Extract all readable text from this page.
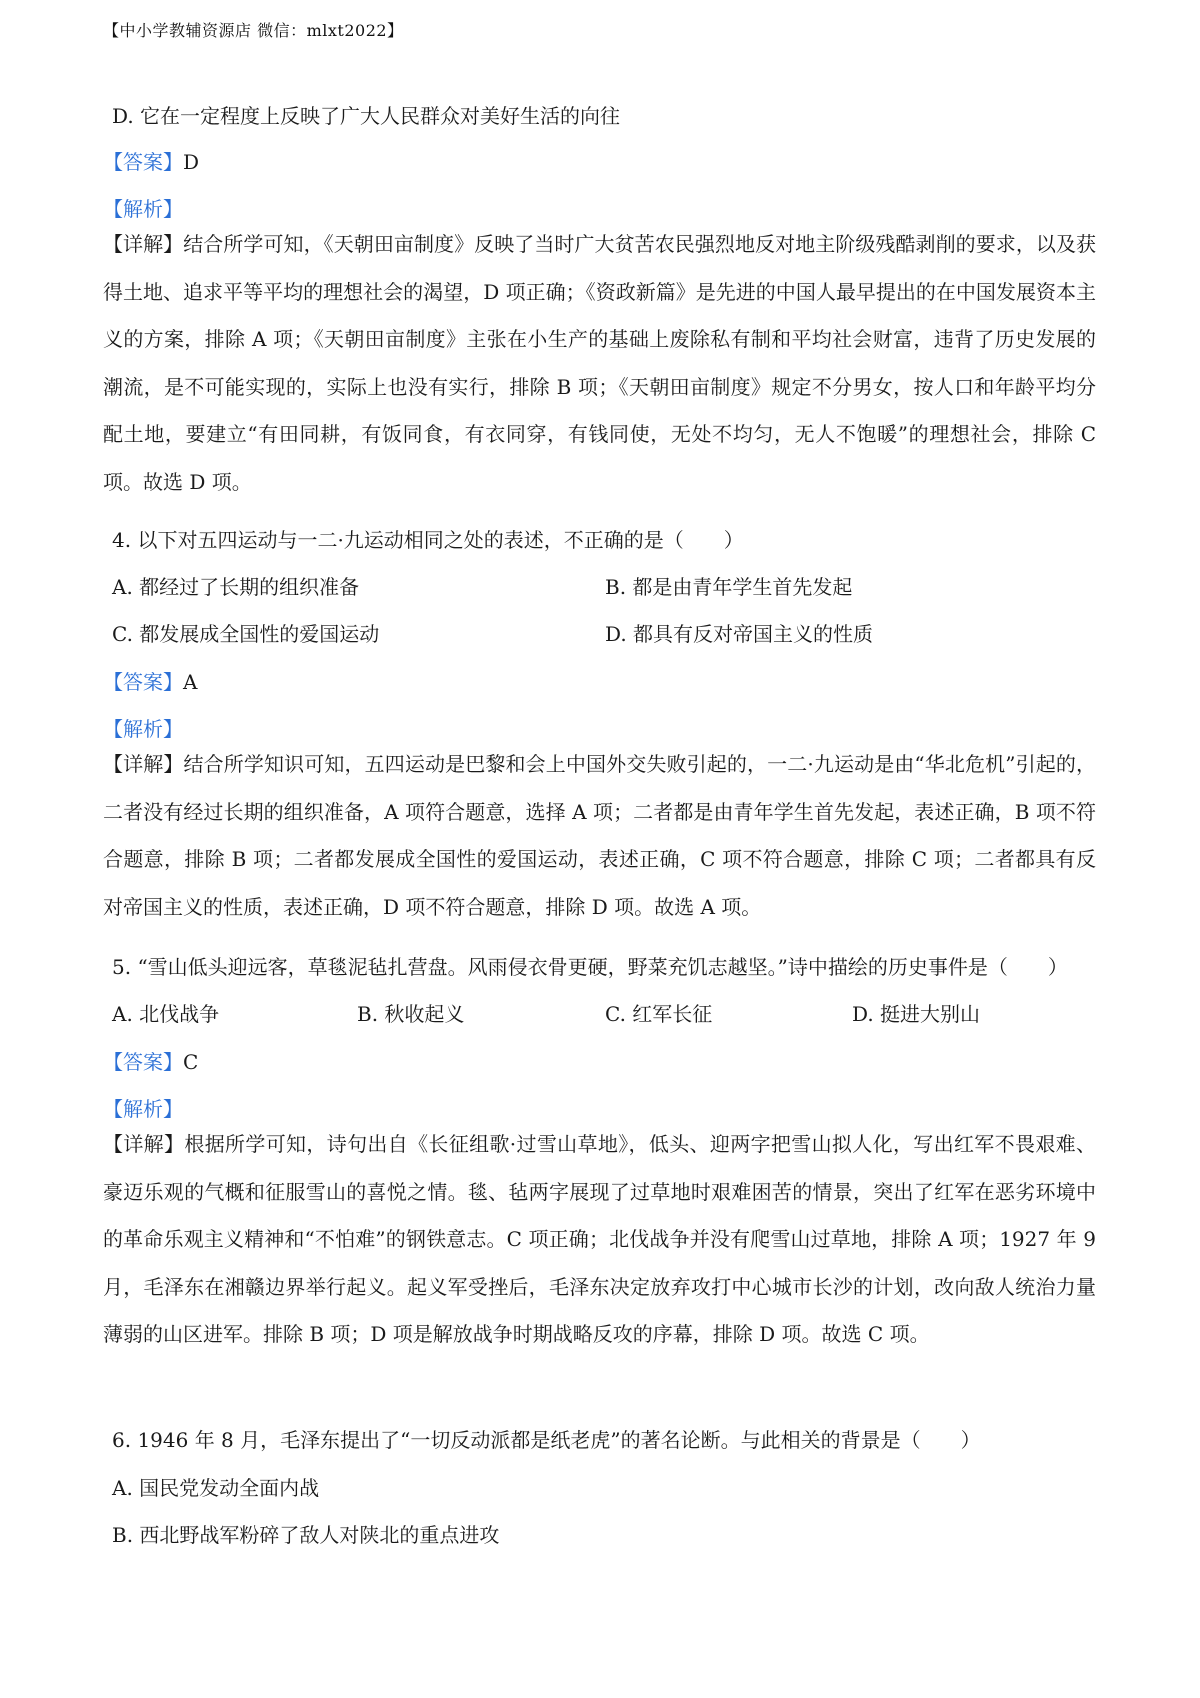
【中小学教辅资源店 微信：mlxt2022】
D. 它在一定程度上反映了广大人民群众对美好生活的向往
【答案】D
【解析】
【详解】结合所学可知，《天朝田亩制度》反映了当时广大贫苦农民强烈地反对地主阶级残酷剥削的要求，以及获得土地、追求平等平均的理想社会的渴望，D 项正确；《资政新篇》是先进的中国人最早提出的在中国发展资本主义的方案，排除 A 项；《天朝田亩制度》主张在小生产的基础上废除私有制和平均社会财富，违背了历史发展的潮流，是不可能实现的，实际上也没有实行，排除 B 项；《天朝田亩制度》规定不分男女，按人口和年龄平均分配土地，要建立“有田同耕，有饭同食，有衣同穿，有钱同使，无处不均匀，无人不饱暖”的理想社会，排除 C 项。故选 D 项。
4. 以下对五四运动与一二·九运动相同之处的表述，不正确的是（　　）
A. 都经过了长期的组织准备	B. 都是由青年学生首先发起
C. 都发展成全国性的爱国运动	D. 都具有反对帝国主义的性质
【答案】A
【解析】
【详解】结合所学知识可知，五四运动是巴黎和会上中国外交失败引起的，一二·九运动是由“华北危机”引起的，二者没有经过长期的组织准备，A 项符合题意，选择 A 项；二者都是由青年学生首先发起，表述正确，B 项不符合题意，排除 B 项；二者都发展成全国性的爱国运动，表述正确，C 项不符合题意，排除 C 项；二者都具有反对帝国主义的性质，表述正确，D 项不符合题意，排除 D 项。故选 A 项。
5. “雪山低头迎远客，草毯泥毡扎营盘。风雨侵衣骨更硬，野菜充饥志越坚。”诗中描绘的历史事件是（　　）
A. 北伐战争	B. 秋收起义	C. 红军长征	D. 挺进大别山
【答案】C
【解析】
【详解】根据所学可知，诗句出自《长征组歌·过雪山草地》，低头、迎两字把雪山拟人化，写出红军不畏艰难、豪迈乐观的气概和征服雪山的喜悦之情。毯、毡两字展现了过草地时艰难困苦的情景，突出了红军在恶劣环境中的革命乐观主义精神和“不怕难”的钢铁意志。C 项正确；北伐战争并没有爬雪山过草地，排除 A 项；1927 年 9 月，毛泽东在湘赣边界举行起义。起义军受挫后，毛泽东决定放弃攻打中心城市长沙的计划，改向敌人统治力量薄弱的山区进军。排除 B 项；D 项是解放战争时期战略反攻的序幕，排除 D 项。故选 C 项。
6. 1946 年 8 月，毛泽东提出了“一切反动派都是纸老虎”的著名论断。与此相关的背景是（　　）
A. 国民党发动全面内战
B. 西北野战军粉碎了敌人对陕北的重点进攻
